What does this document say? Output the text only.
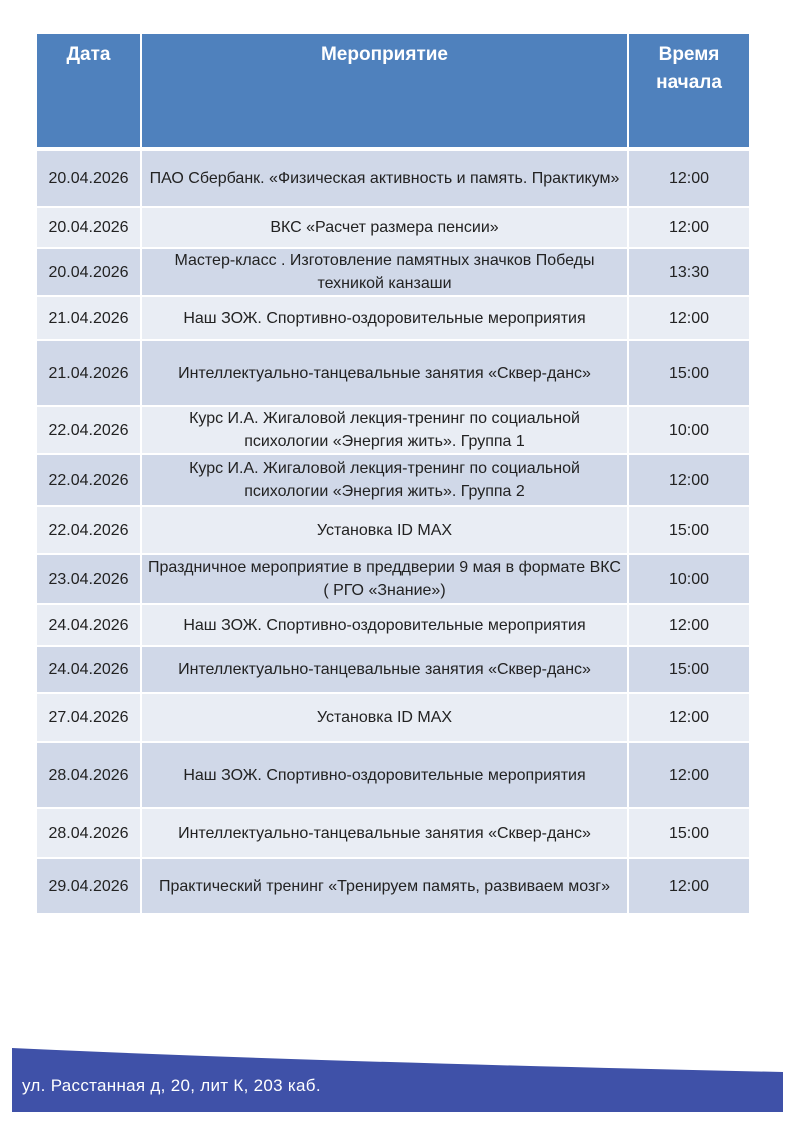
Дата	Мероприятие	Время начала
20.04.2026	ПАО Сбербанк. «Физическая активность и память. Практикум»	12:00
20.04.2026	ВКС «Расчет размера пенсии»	12:00
20.04.2026	Мастер-класс . Изготовление памятных значков Победы техникой канзаши	13:30
21.04.2026	Наш ЗОЖ. Спортивно-оздоровительные мероприятия	12:00
21.04.2026	Интеллектуально-танцевальные занятия «Сквер-данс»	15:00
22.04.2026	Курс И.А. Жигаловой лекция-тренинг по социальной психологии «Энергия жить». Группа 1	10:00
22.04.2026	Курс И.А. Жигаловой лекция-тренинг по социальной психологии «Энергия жить». Группа 2	12:00
22.04.2026	Установка ID MAX	15:00
23.04.2026	Праздничное мероприятие в преддверии 9 мая в формате ВКС ( РГО «Знание»)	10:00
24.04.2026	Наш ЗОЖ. Спортивно-оздоровительные мероприятия	12:00
24.04.2026	Интеллектуально-танцевальные занятия «Сквер-данс»	15:00
27.04.2026	Установка ID MAX	12:00
28.04.2026	Наш ЗОЖ. Спортивно-оздоровительные мероприятия	12:00
28.04.2026	Интеллектуально-танцевальные занятия «Сквер-данс»	15:00
29.04.2026	Практический тренинг «Тренируем память, развиваем мозг»	12:00
ул. Расстанная д, 20, лит К, 203 каб.
